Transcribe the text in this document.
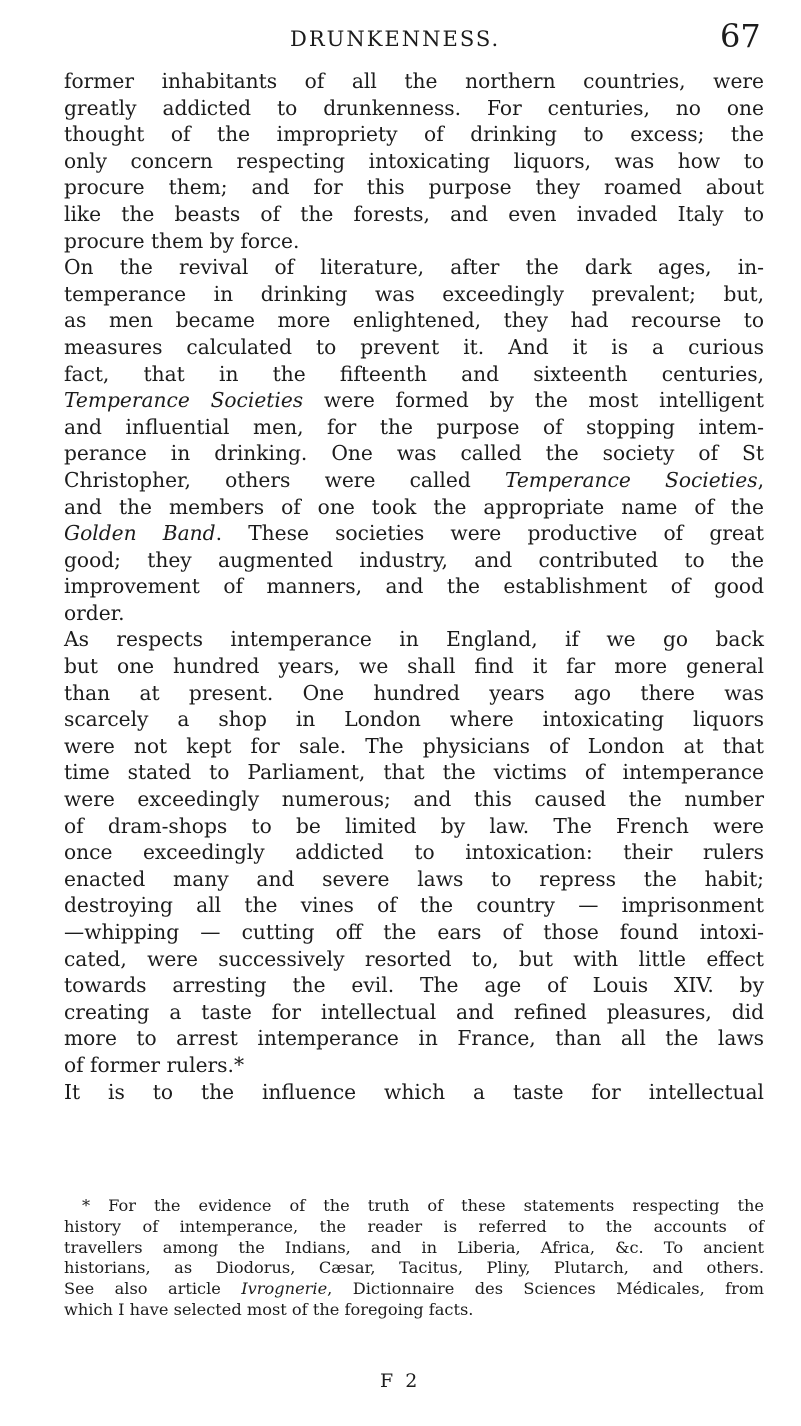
DRUNKENNESS.	67
former inhabitants of all the northern countries, were
greatly addicted to drunkenness. For centuries, no one
thought of the impropriety of drinking to excess; the
only concern respecting intoxicating liquors, was how to
procure them; and for this purpose they roamed about
like the beasts of the forests, and even invaded Italy to
procure them by force.
On the revival of literature, after the dark ages, in-
temperance in drinking was exceedingly prevalent; but,
as men became more enlightened, they had recourse to
measures calculated to prevent it. And it is a curious
fact, that in the fifteenth and sixteenth centuries,
Temperance Societies were formed by the most intelligent
and influential men, for the purpose of stopping intem-
perance in drinking. One was called the society of St
Christopher, others were called Temperance Societies,
and the members of one took the appropriate name of the
Golden Band. These societies were productive of great
good; they augmented industry, and contributed to the
improvement of manners, and the establishment of good
order.
As respects intemperance in England, if we go back
but one hundred years, we shall find it far more general
than at present. One hundred years ago there was
scarcely a shop in London where intoxicating liquors
were not kept for sale. The physicians of London at that
time stated to Parliament, that the victims of intemperance
were exceedingly numerous; and this caused the number
of dram-shops to be limited by law. The French were
once exceedingly addicted to intoxication: their rulers
enacted many and severe laws to repress the habit;
destroying all the vines of the country — imprisonment
—whipping — cutting off the ears of those found intoxi-
cated, were successively resorted to, but with little effect
towards arresting the evil. The age of Louis XIV. by
creating a taste for intellectual and refined pleasures, did
more to arrest intemperance in France, than all the laws
of former rulers.*
It is to the influence which a taste for intellectual
* For the evidence of the truth of these statements respecting the
history of intemperance, the reader is referred to the accounts of
travellers among the Indians, and in Liberia, Africa, &c. To ancient
historians, as Diodorus, Cæsar, Tacitus, Pliny, Plutarch, and others.
See also article Ivrognerie, Dictionnaire des Sciences Médicales, from
which I have selected most of the foregoing facts.
F 2
